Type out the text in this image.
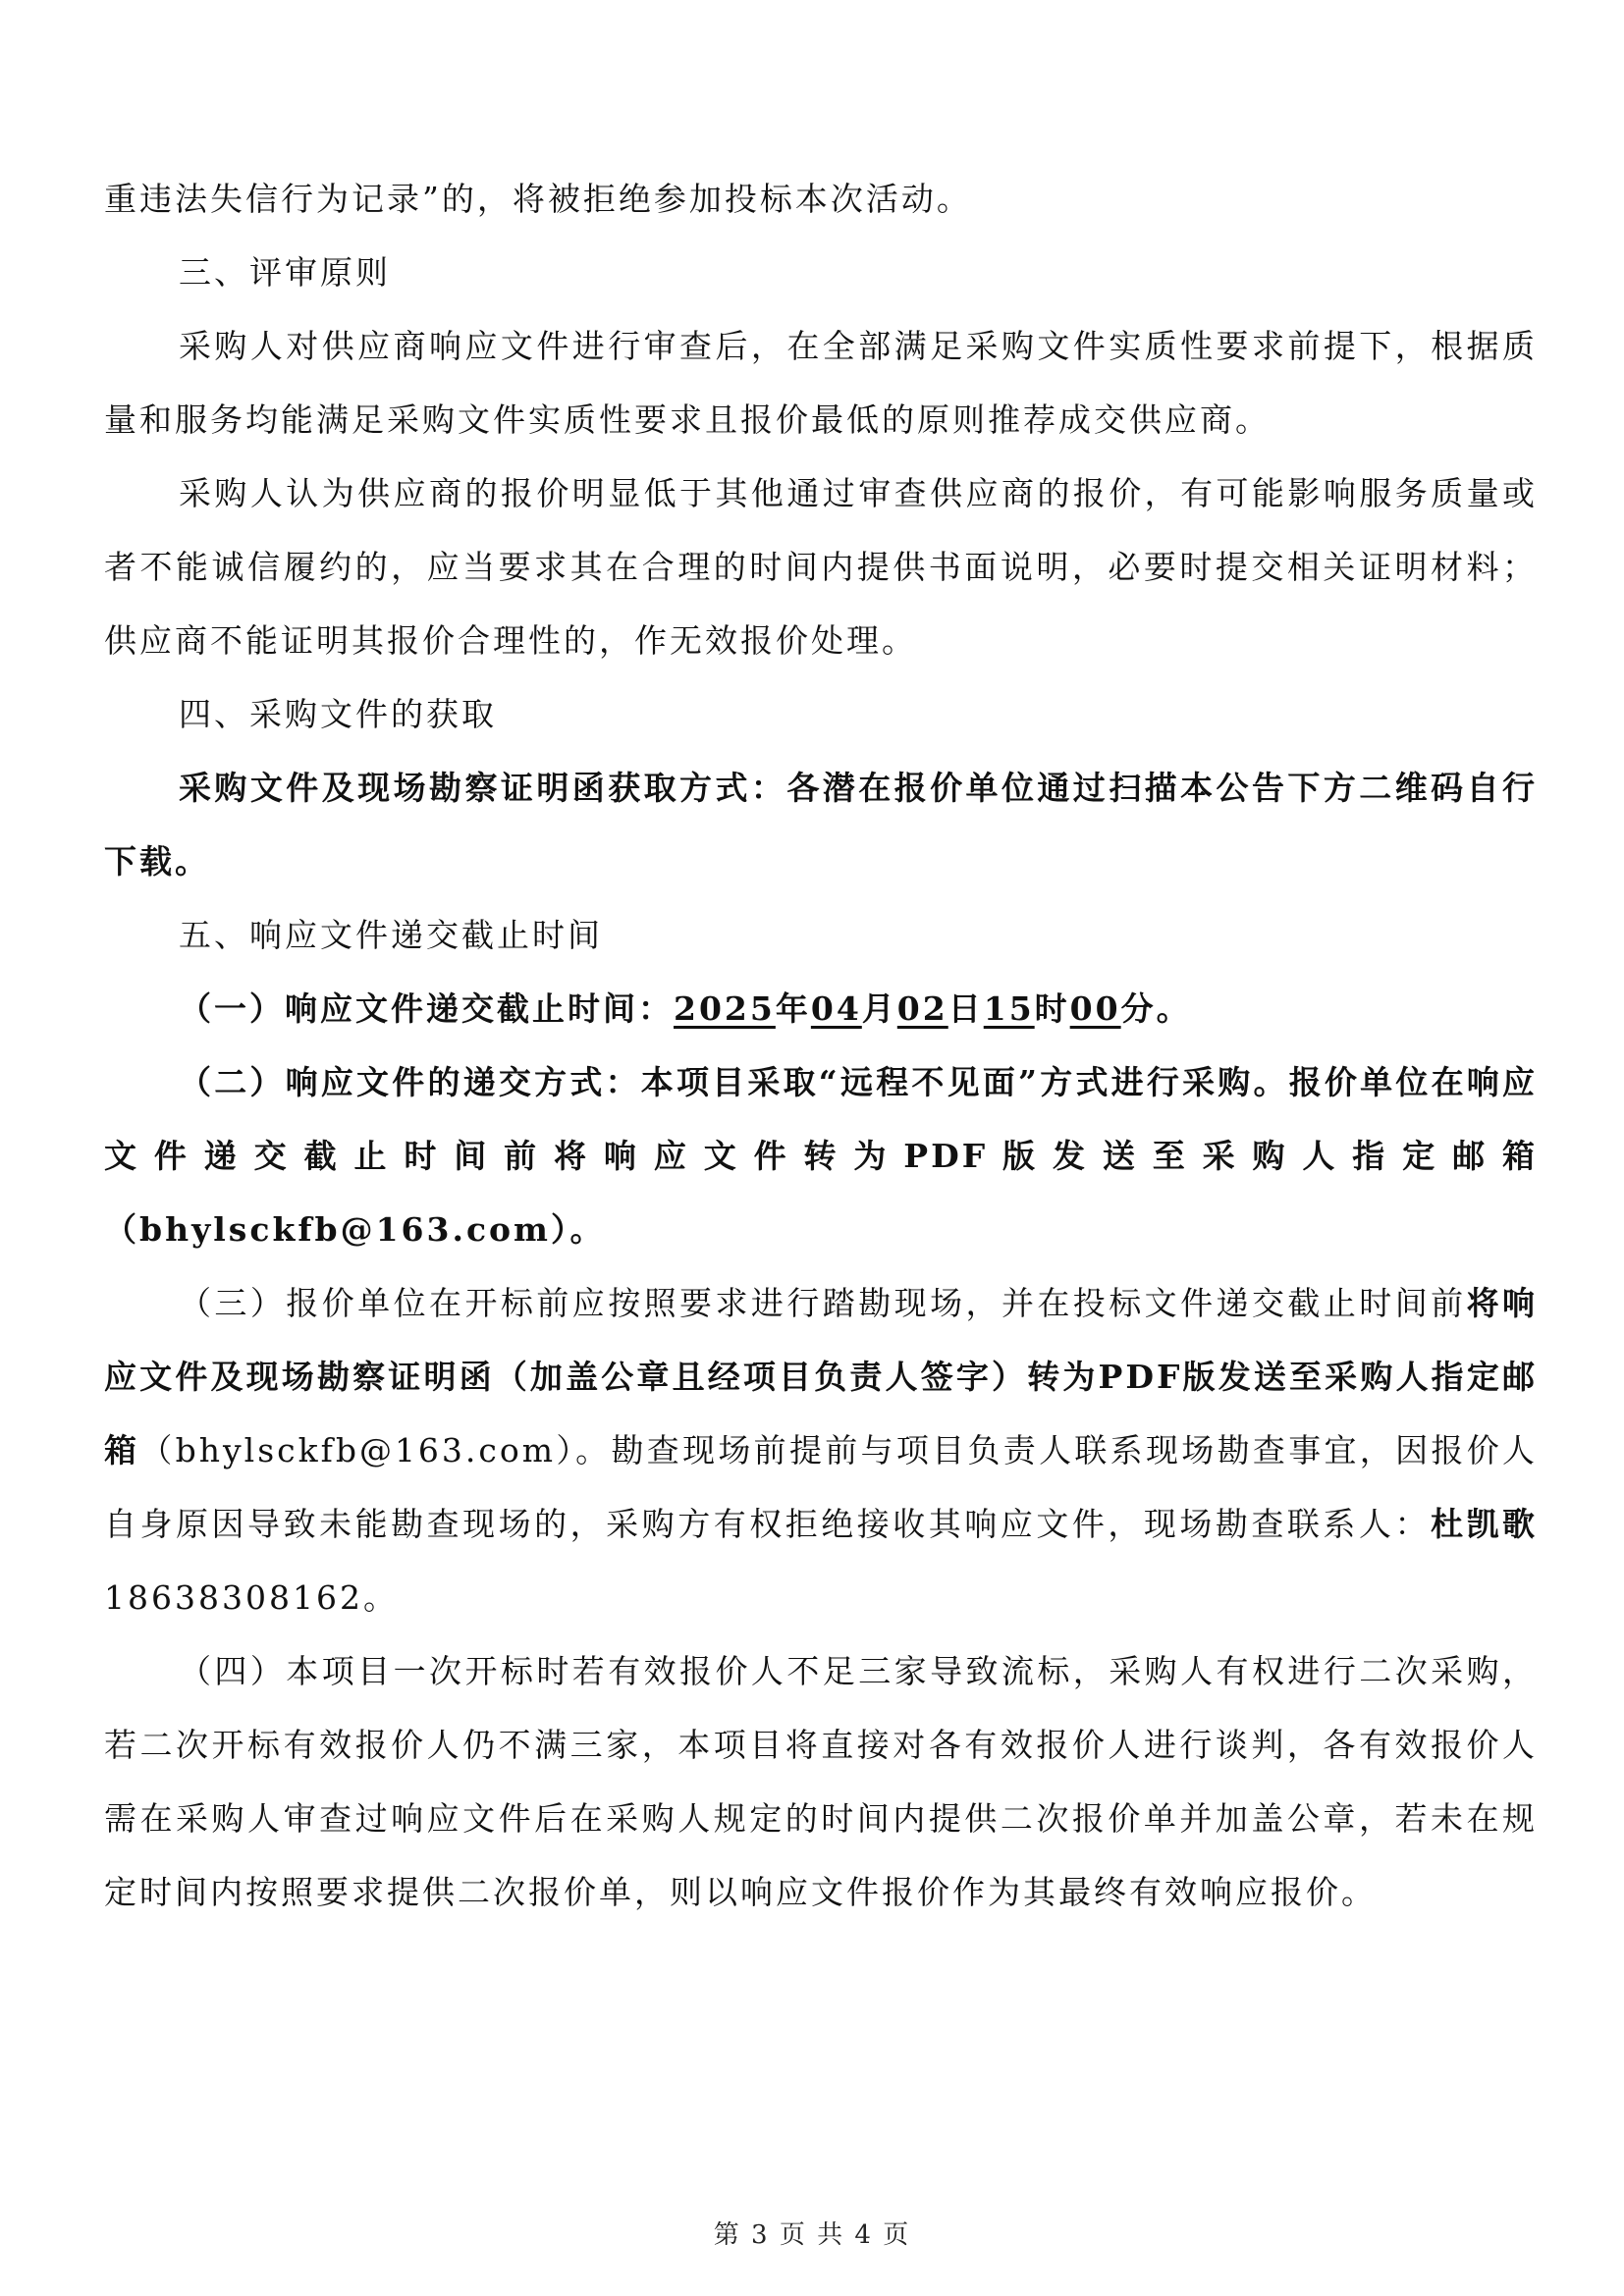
重违法失信行为记录”的，将被拒绝参加投标本次活动。

三、评审原则

采购人对供应商响应文件进行审查后，在全部满足采购文件实质性要求前提下，根据质量和服务均能满足采购文件实质性要求且报价最低的原则推荐成交供应商。

采购人认为供应商的报价明显低于其他通过审查供应商的报价，有可能影响服务质量或者不能诚信履约的，应当要求其在合理的时间内提供书面说明，必要时提交相关证明材料；供应商不能证明其报价合理性的，作无效报价处理。

四、采购文件的获取

采购文件及现场勘察证明函获取方式：各潜在报价单位通过扫描本公告下方二维码自行下载。

五、响应文件递交截止时间

（一）响应文件递交截止时间：2025年04月02日15时00分。

（二）响应文件的递交方式：本项目采取“远程不见面”方式进行采购。报价单位在响应文件递交截止时间前将响应文件转为PDF版发送至采购人指定邮箱（bhylsckfb@163.com）。

（三）报价单位在开标前应按照要求进行踏勘现场，并在投标文件递交截止时间前将响应文件及现场勘察证明函（加盖公章且经项目负责人签字）转为PDF版发送至采购人指定邮箱（bhylsckfb@163.com）。勘查现场前提前与项目负责人联系现场勘查事宜，因报价人自身原因导致未能勘查现场的，采购方有权拒绝接收其响应文件，现场勘查联系人：杜凯歌18638308162。

（四）本项目一次开标时若有效报价人不足三家导致流标，采购人有权进行二次采购，若二次开标有效报价人仍不满三家，本项目将直接对各有效报价人进行谈判，各有效报价人需在采购人审查过响应文件后在采购人规定的时间内提供二次报价单并加盖公章，若未在规定时间内按照要求提供二次报价单，则以响应文件报价作为其最终有效响应报价。

第 3 页 共 4 页
